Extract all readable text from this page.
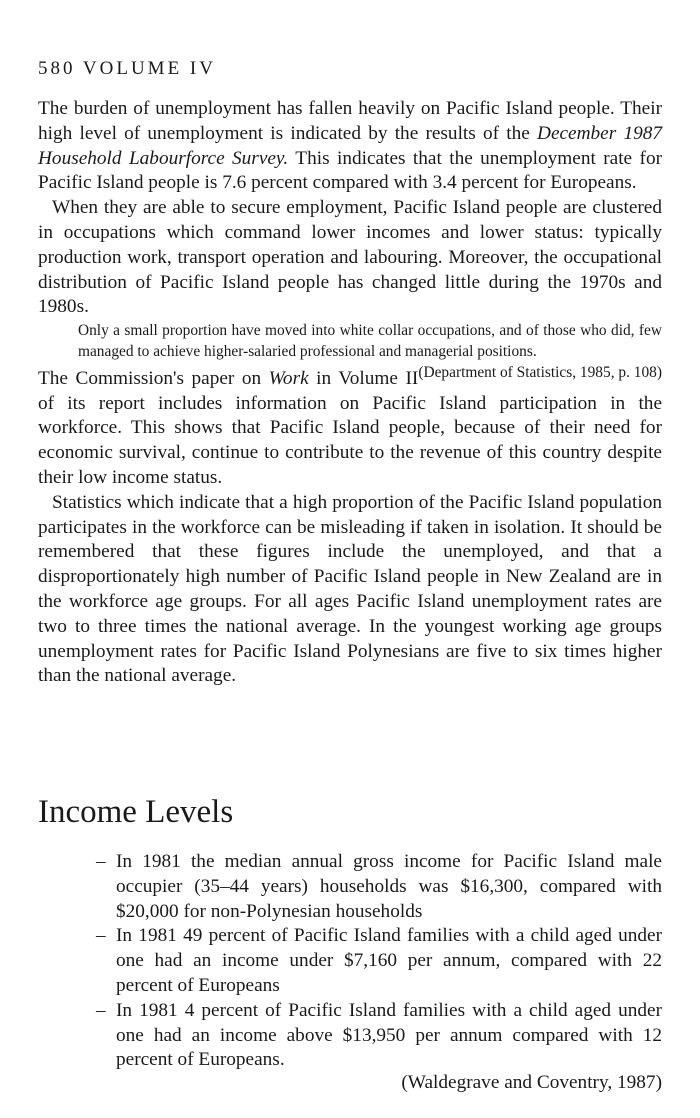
580 VOLUME IV

The burden of unemployment has fallen heavily on Pacific Island people. Their high level of unemployment is indicated by the results of the December 1987 Household Labourforce Survey. This indicates that the unemployment rate for Pacific Island people is 7.6 percent compared with 3.4 percent for Europeans.

When they are able to secure employment, Pacific Island people are clustered in occupations which command lower incomes and lower status: typically production work, transport operation and labouring. Moreover, the occupational distribution of Pacific Island people has changed little during the 1970s and 1980s.

Only a small proportion have moved into white collar occupations, and of those who did, few managed to achieve higher-salaried professional and managerial positions.
(Department of Statistics, 1985, p. 108)

The Commission's paper on Work in Volume II of its report includes information on Pacific Island participation in the workforce. This shows that Pacific Island people, because of their need for economic survival, continue to contribute to the revenue of this country despite their low income status.

Statistics which indicate that a high proportion of the Pacific Island population participates in the workforce can be misleading if taken in isolation. It should be remembered that these figures include the unemployed, and that a disproportionately high number of Pacific Island people in New Zealand are in the workforce age groups. For all ages Pacific Island unemployment rates are two to three times the national average. In the youngest working age groups unemployment rates for Pacific Island Polynesians are five to six times higher than the national average.

Income Levels
– In 1981 the median annual gross income for Pacific Island male occupier (35–44 years) households was $16,300, compared with $20,000 for non-Polynesian households
– In 1981 49 percent of Pacific Island families with a child aged under one had an income under $7,160 per annum, compared with 22 percent of Europeans
– In 1981 4 percent of Pacific Island families with a child aged under one had an income above $13,950 per annum compared with 12 percent of Europeans.
(Waldegrave and Coventry, 1987)
